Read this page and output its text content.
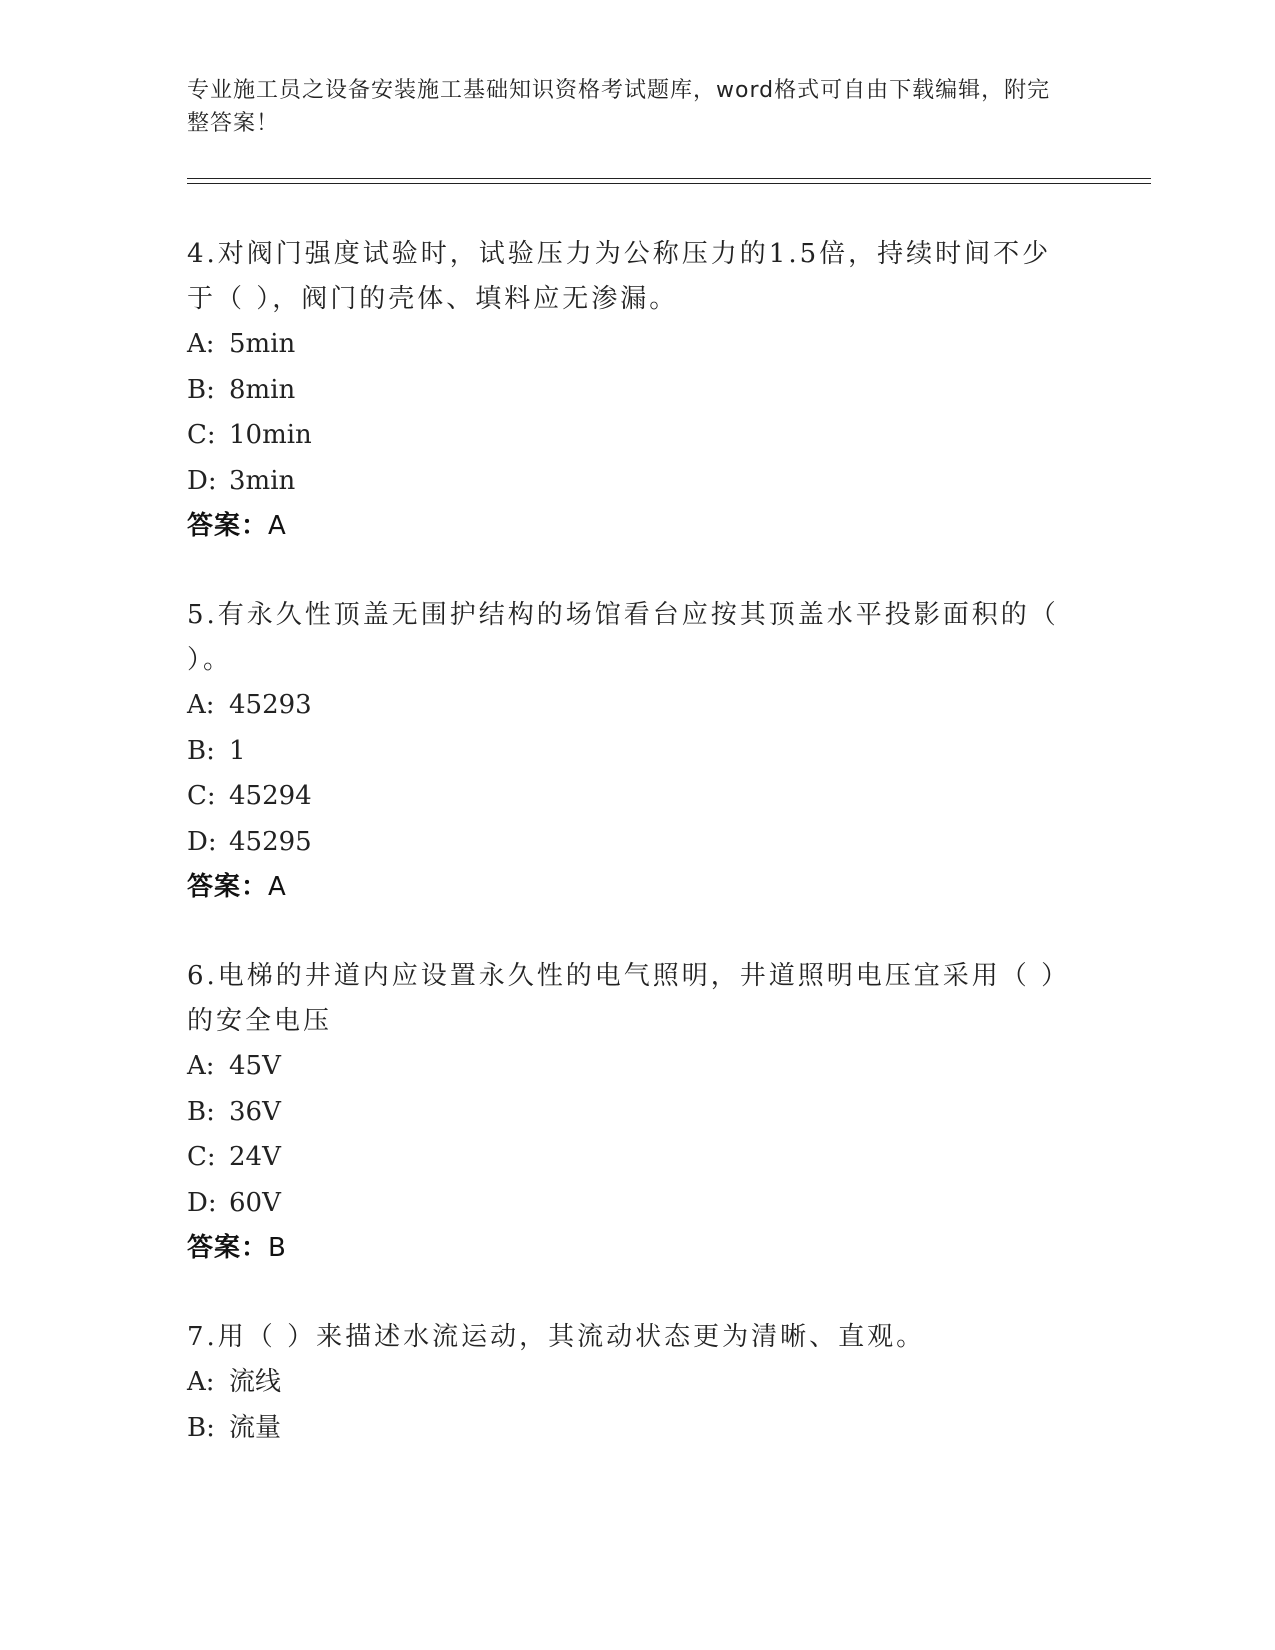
专业施工员之设备安装施工基础知识资格考试题库，word格式可自由下载编辑，附完整答案！

4.对阀门强度试验时，试验压力为公称压力的1.5倍，持续时间不少于（ ），阀门的壳体、填料应无渗漏。

A: 5min
B: 8min
C: 10min
D: 3min
答案：A

5.有永久性顶盖无围护结构的场馆看台应按其顶盖水平投影面积的（ ）。

A: 45293
B: 1
C: 45294
D: 45295
答案：A

6.电梯的井道内应设置永久性的电气照明，井道照明电压宜采用（ ）的安全电压

A: 45V
B: 36V
C: 24V
D: 60V
答案：B

7.用（ ）来描述水流运动，其流动状态更为清晰、直观。

A: 流线
B: 流量
